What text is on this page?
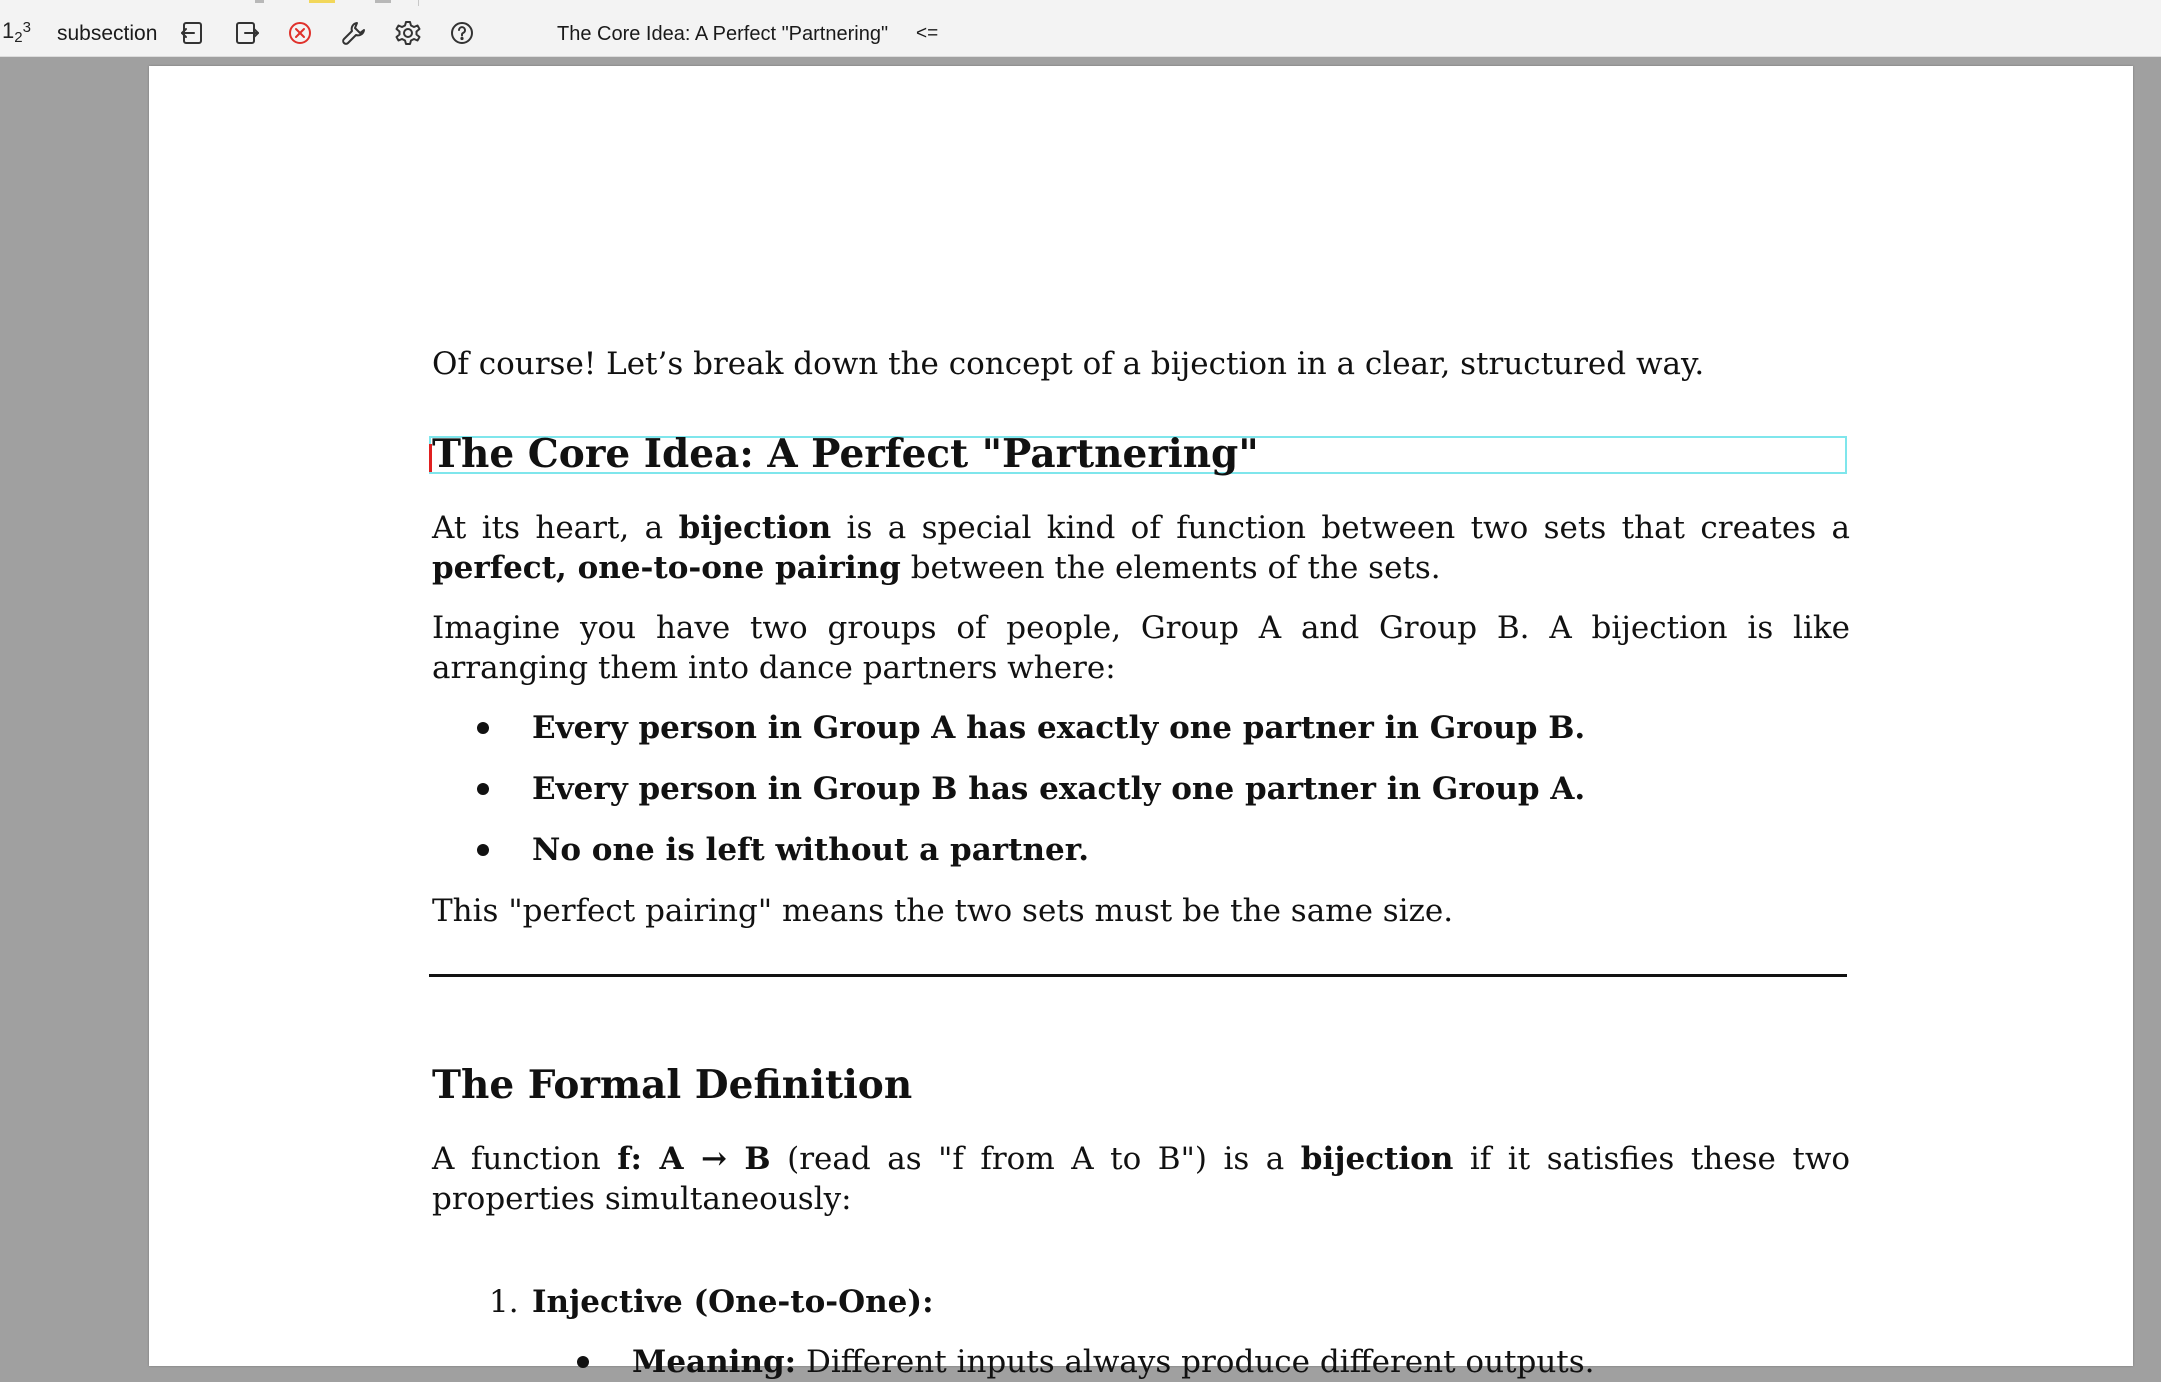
$1_2^3$ subsection	The Core Idea: A Perfect "Partnering" <=

Of course! Let’s break down the concept of a bijection in a clear, structured way.

The Core Idea: A Perfect "Partnering"

At its heart, a bijection is a special kind of function between two sets that creates a perfect, one-to-one pairing between the elements of the sets.

Imagine you have two groups of people, Group A and Group B. A bijection is like arranging them into dance partners where:

Every person in Group A has exactly one partner in Group B.
Every person in Group B has exactly one partner in Group A.
No one is left without a partner.

This "perfect pairing" means the two sets must be the same size.

The Formal Definition

A function f: A → B (read as "f from A to B") is a bijection if it satisfies these two properties simultaneously:

1. Injective (One-to-One):
Meaning: Different inputs always produce different outputs.
